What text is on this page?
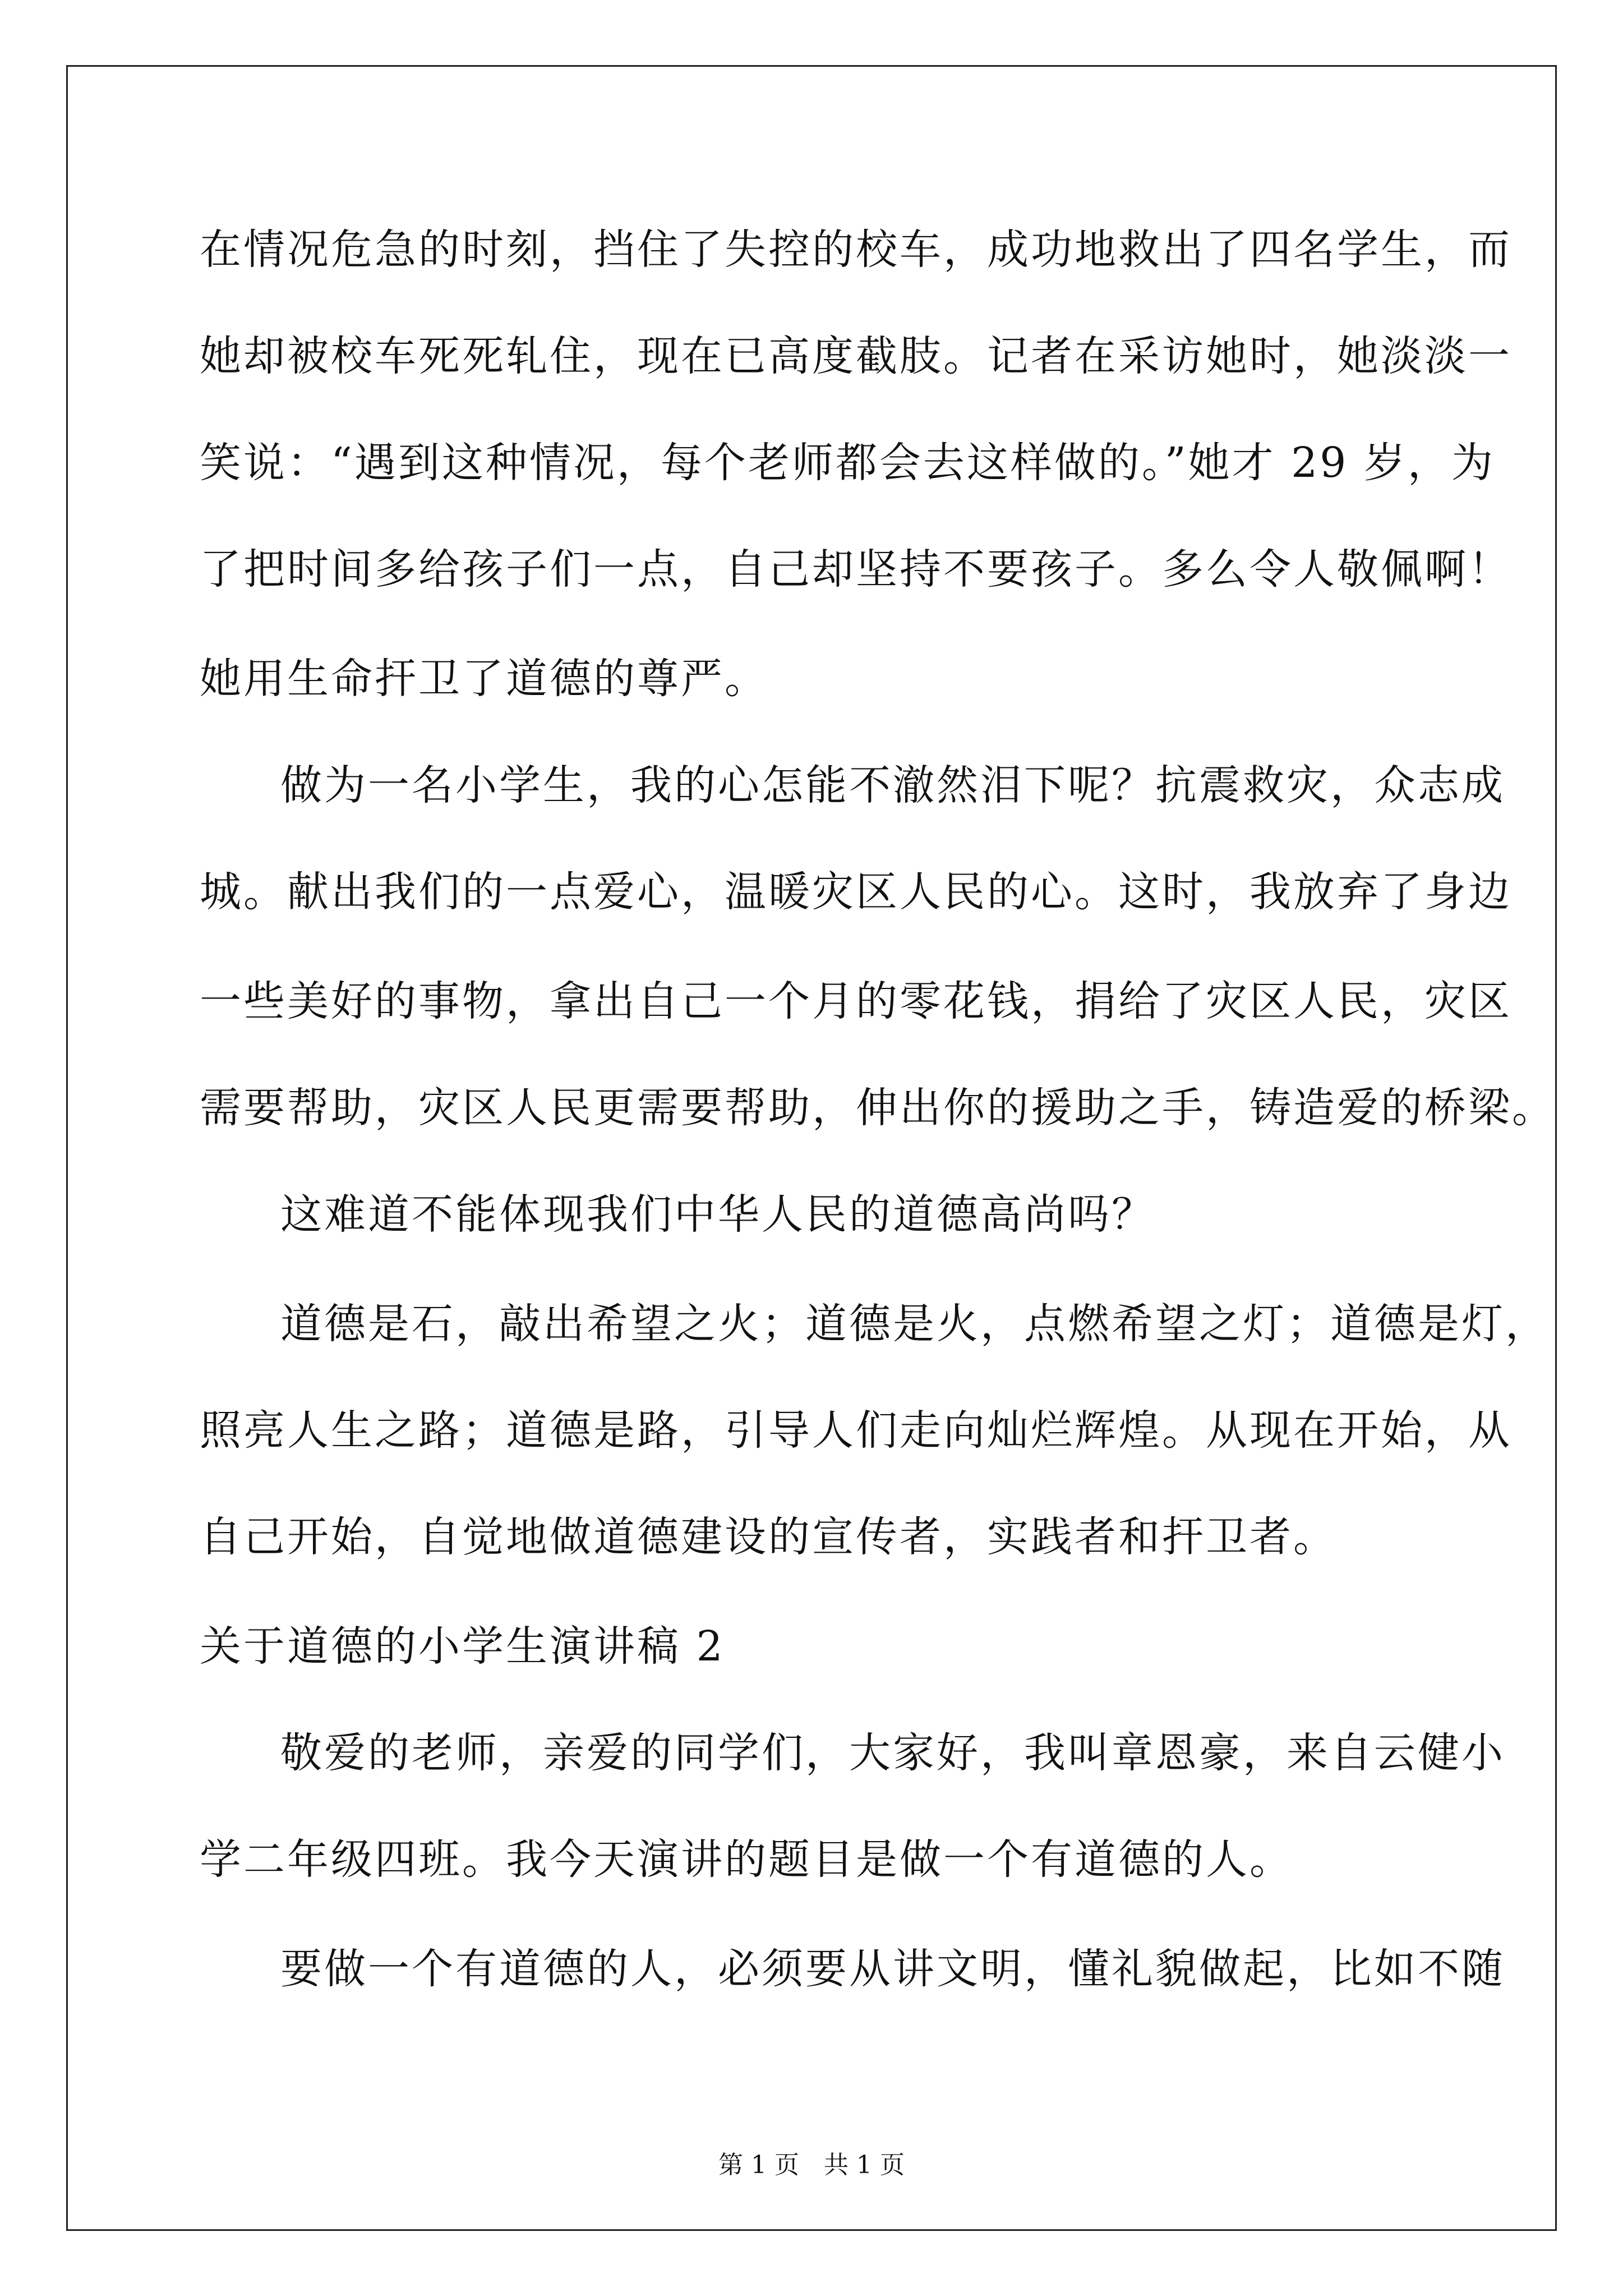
在情况危急的时刻，挡住了失控的校车，成功地救出了四名学生，而
她却被校车死死轧住，现在已高度截肢。记者在采访她时，她淡淡一
笑说：“遇到这种情况，每个老师都会去这样做的。”她才 29 岁，为
了把时间多给孩子们一点，自己却坚持不要孩子。多么令人敬佩啊！
她用生命扞卫了道德的尊严。
做为一名小学生，我的心怎能不澈然泪下呢？抗震救灾，众志成
城。献出我们的一点爱心，温暖灾区人民的心。这时，我放弃了身边
一些美好的事物，拿出自己一个月的零花钱，捐给了灾区人民，灾区
需要帮助，灾区人民更需要帮助，伸出你的援助之手，铸造爱的桥梁。
这难道不能体现我们中华人民的道德高尚吗？
道德是石，敲出希望之火；道德是火，点燃希望之灯；道德是灯，
照亮人生之路；道德是路，引导人们走向灿烂辉煌。从现在开始，从
自己开始，自觉地做道德建设的宣传者，实践者和扞卫者。
关于道德的小学生演讲稿 2
敬爱的老师，亲爱的同学们，大家好，我叫章恩豪，来自云健小
学二年级四班。我今天演讲的题目是做一个有道德的人。
要做一个有道德的人，必须要从讲文明，懂礼貌做起，比如不随
第 1 页　共 1 页
